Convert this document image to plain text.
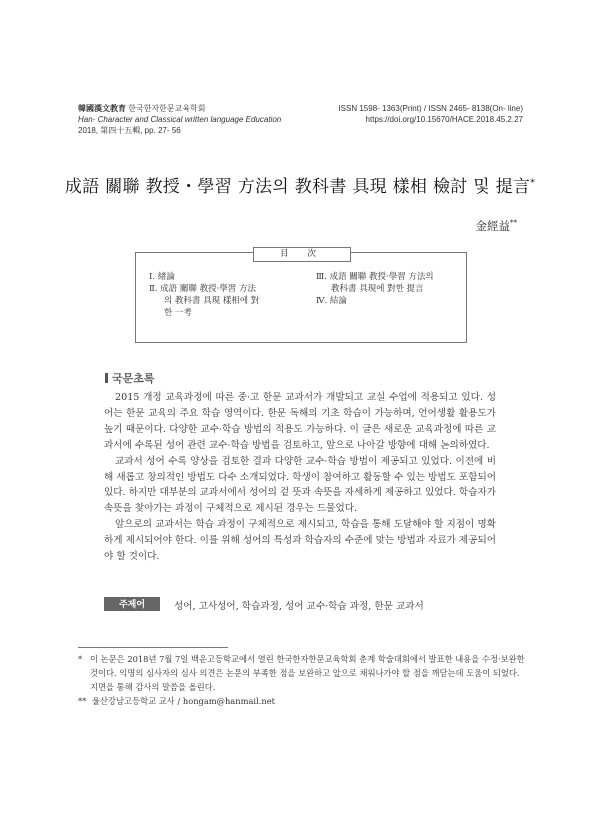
韓國漢文教育 한국한자한문교육학회
Han- Character and Classical written language Education
2018, 第四十五輯, pp. 27- 56
ISSN 1598- 1363(Print) / ISSN 2465- 8138(On- line)
https://doi.org/10.15670/HACE.2018.45.2.27
成語 關聯 教授・學習 方法의 教科書 具現 樣相 檢討 및 提言*
金經益**
目 次
Ⅰ. 緖論
Ⅱ. 成語 關聯 教授·學習 方法
의 教科書 具現 樣相에 對
한 一考
Ⅲ. 成語 關聯 教授·學習 方法의
教科書 具現에 對한 提言
Ⅳ. 結論
국문초록

2015 개정 교육과정에 따른 중·고 한문 교과서가 개발되고 교실 수업에 적용되고 있다. 성어는 한문 교육의 주요 학습 영역이다. 한문 독해의 기초 학습이 가능하며, 언어생활 활용도가 높기 때문이다. 다양한 교수·학습 방법의 적용도 가능하다. 이 글은 새로운 교육과정에 따른 교과서에 수록된 성어 관련 교수·학습 방법을 검토하고, 앞으로 나아갈 방향에 대해 논의하였다.

교과서 성어 수록 양상을 검토한 결과 다양한 교수·학습 방법이 제공되고 있었다. 이전에 비해 새롭고 창의적인 방법도 다수 소개되었다. 학생이 참여하고 활동할 수 있는 방법도 포함되어 있다. 하지만 대부분의 교과서에서 성어의 겉 뜻과 속뜻을 자세하게 제공하고 있었다. 학습자가 속뜻을 찾아가는 과정이 구체적으로 제시된 경우는 드물었다.

앞으로의 교과서는 학습 과정이 구체적으로 제시되고, 학습을 통해 도달해야 할 지점이 명확하게 제시되어야 한다. 이를 위해 성어의 특성과 학습자의 수준에 맞는 방법과 자료가 제공되어야 할 것이다.

주제어	성어, 고사성어, 학습과정, 성어 교수·학습 과정, 한문 교과서
* 이 논문은 2018년 7월 7일 백운고등학교에서 열린 한국한자한문교육학회 춘계 학술대회에서 발표한 내용을 수정·보완한 것이다. 익명의 심사자의 심사 의견은 논문의 부족한 점을 보완하고 앞으로 채워나가야 할 점을 깨닫는데 도움이 되었다. 지면을 통해 감사의 말씀을 올린다.
** 울산강남고등학교 교사 / hongam@hanmail.net
